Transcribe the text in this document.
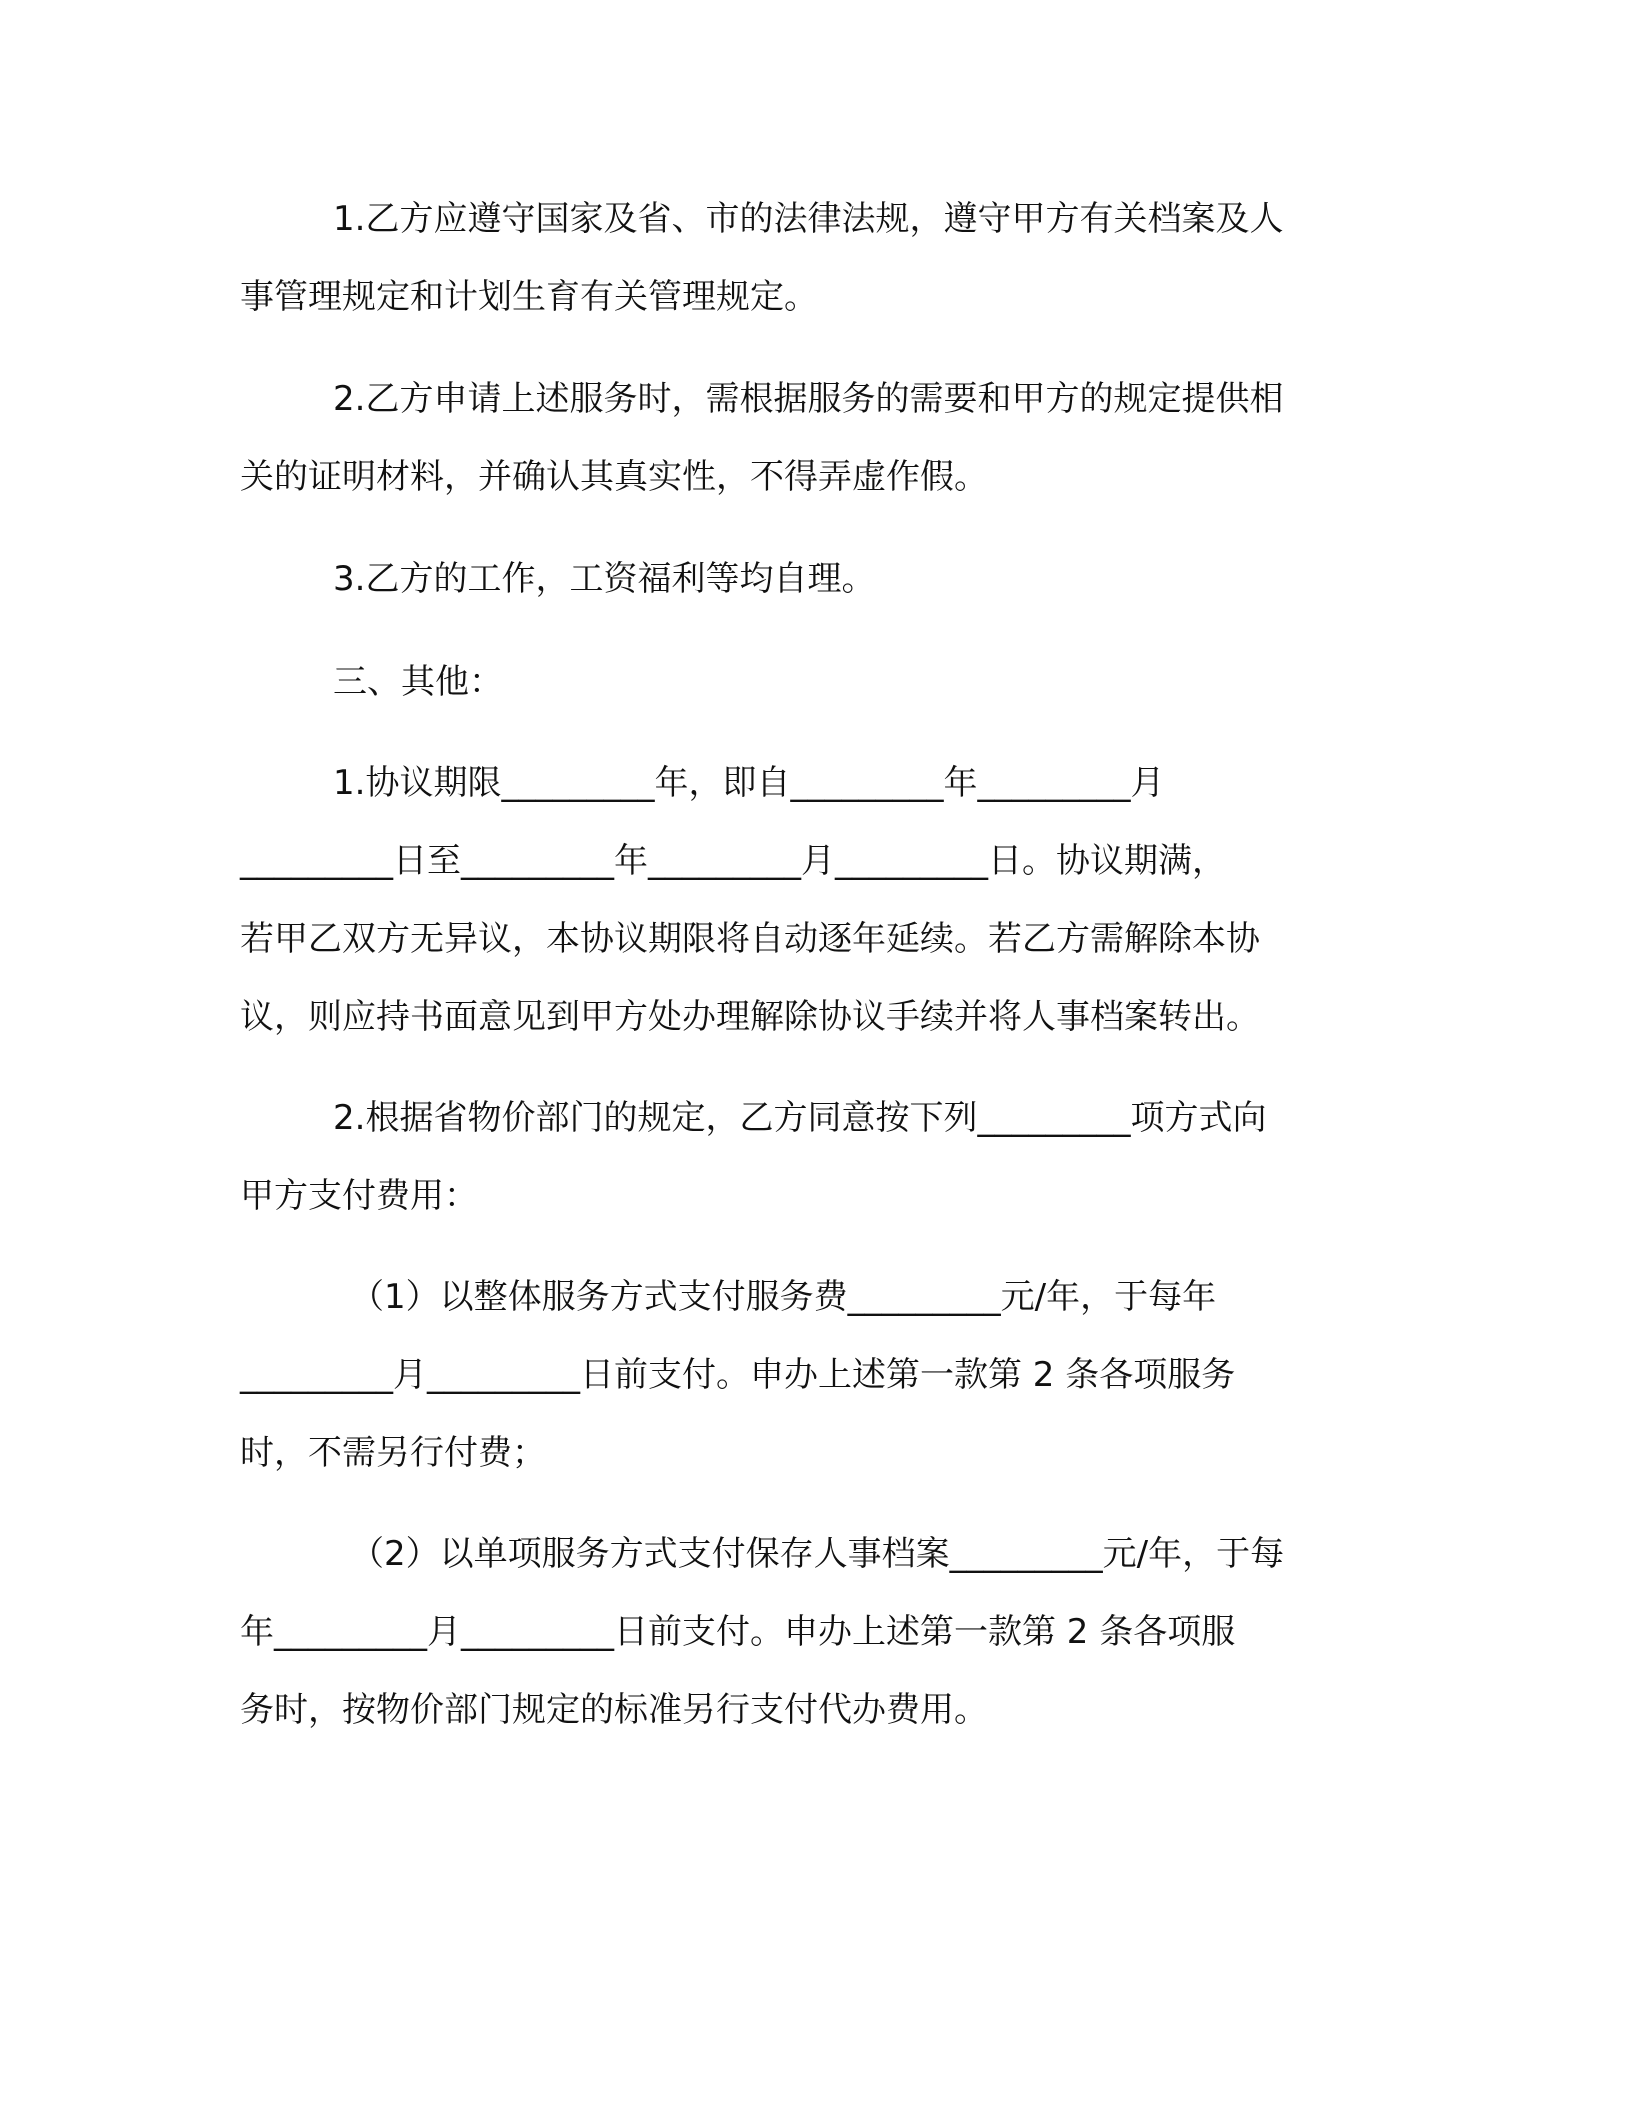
1.乙方应遵守国家及省、市的法律法规，遵守甲方有关档案及人
事管理规定和计划生育有关管理规定。
2.乙方申请上述服务时，需根据服务的需要和甲方的规定提供相
关的证明材料，并确认其真实性，不得弄虚作假。
3.乙方的工作，工资福利等均自理。
三、其他：
1.协议期限_________年，即自_________年_________月
_________日至_________年_________月_________日。协议期满，
若甲乙双方无异议，本协议期限将自动逐年延续。若乙方需解除本协
议，则应持书面意见到甲方处办理解除协议手续并将人事档案转出。
2.根据省物价部门的规定，乙方同意按下列_________项方式向
甲方支付费用：
（1）以整体服务方式支付服务费_________元/年，于每年
_________月_________日前支付。申办上述第一款第 2 条各项服务
时，不需另行付费；
（2）以单项服务方式支付保存人事档案_________元/年，于每
年_________月_________日前支付。申办上述第一款第 2 条各项服
务时，按物价部门规定的标准另行支付代办费用。
